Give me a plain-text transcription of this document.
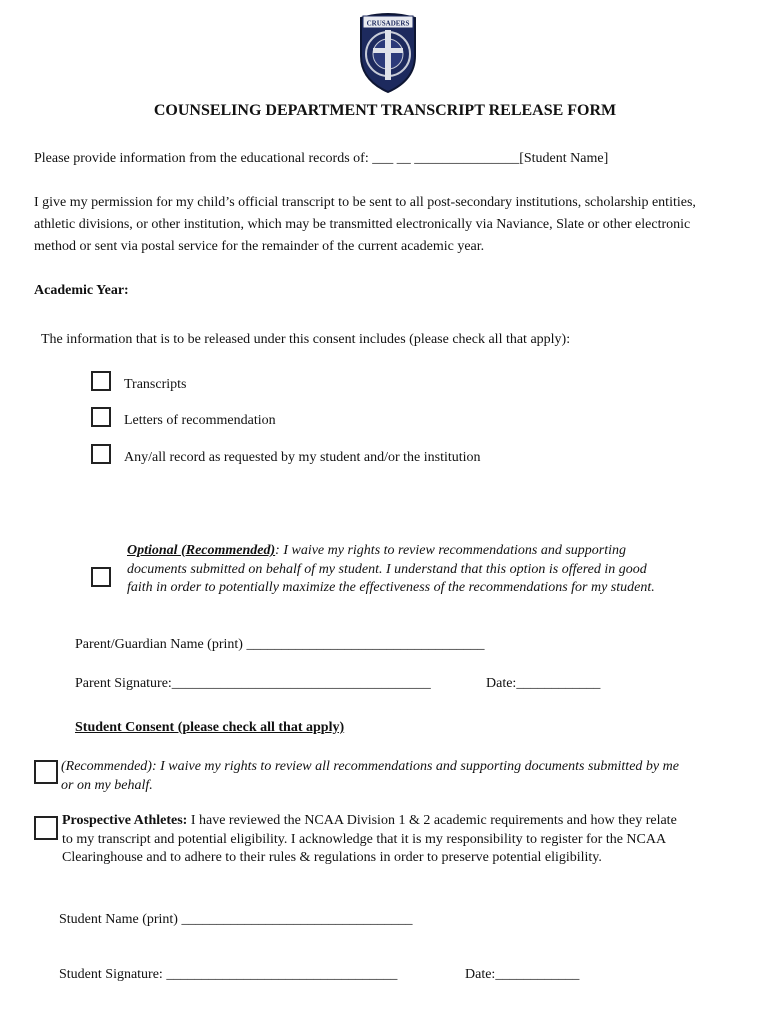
CRUSADERS
COUNSELING DEPARTMENT TRANSCRIPT RELEASE FORM
Please provide information from the educational records of: ___ __ _______________[Student Name]
I give my permission for my child’s official transcript to be sent to all post-secondary institutions, scholarship entities, athletic divisions, or other institution, which may be transmitted electronically via Naviance, Slate or other electronic method or sent via postal service for the remainder of the current academic year.
Academic Year:
The information that is to be released under this consent includes (please check all that apply):
Transcripts
Letters of recommendation
Any/all record as requested by my student and/or the institution
Optional (Recommended): I waive my rights to review recommendations and supporting
documents submitted on behalf of my student. I understand that this option is offered in good
faith in order to potentially maximize the effectiveness of the recommendations for my student.
Parent/Guardian Name (print) __________________________________
Parent Signature:_____________________________________	Date:____________
Student Consent (please check all that apply)
(Recommended): I waive my rights to review all recommendations and supporting documents submitted by me
or on my behalf.
Prospective Athletes: I have reviewed the NCAA Division 1 & 2 academic requirements and how they relate
to my transcript and potential eligibility. I acknowledge that it is my responsibility to register for the NCAA
Clearinghouse and to adhere to their rules & regulations in order to preserve potential eligibility.
Student Name (print) _________________________________
Student Signature: _________________________________	Date:____________
